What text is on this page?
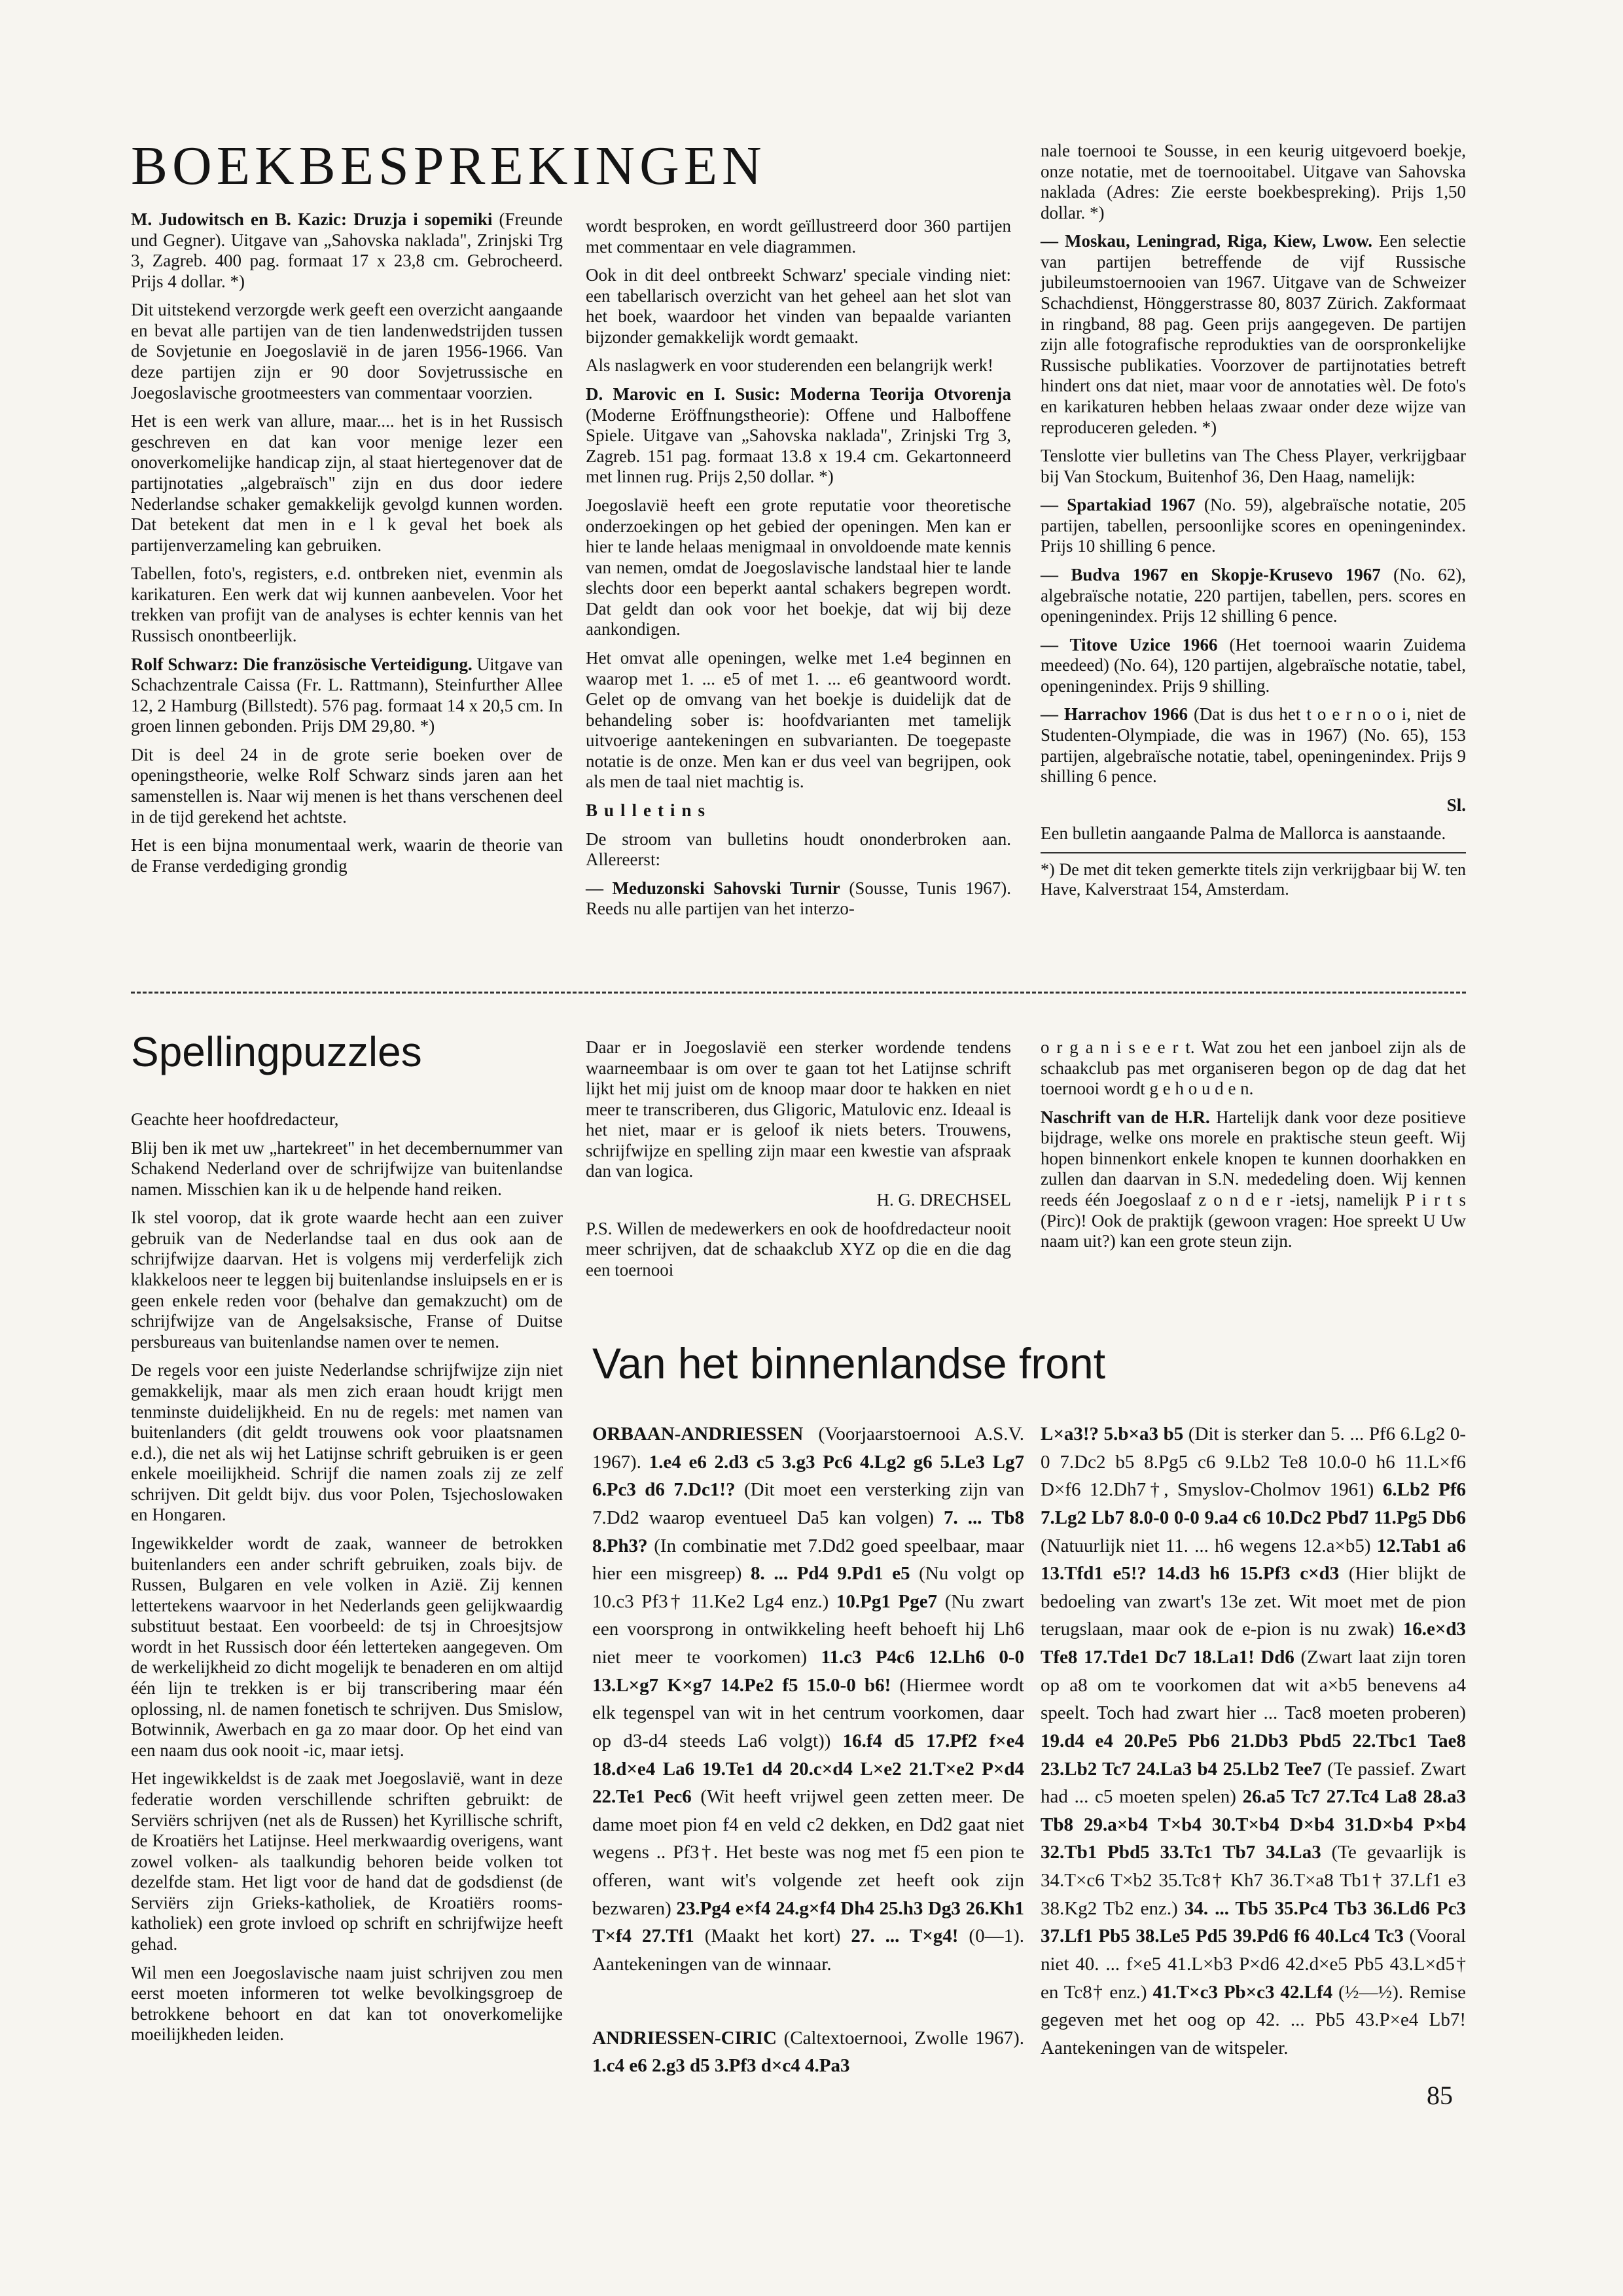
BOEKBESPREKINGEN

M. Judowitsch en B. Kazic: Druzja i sopemiki (Freunde und Gegner). Uitgave van „Sahovska naklada", Zrinjski Trg 3, Zagreb. 400 pag. formaat 17 x 23,8 cm. Gebrocheerd. Prijs 4 dollar. *)

Dit uitstekend verzorgde werk geeft een overzicht aangaande en bevat alle partijen van de tien landenwedstrijden tussen de Sovjetunie en Joegoslavië in de jaren 1956-1966. Van deze partijen zijn er 90 door Sovjetrussische en Joegoslavische grootmeesters van commentaar voorzien.

Het is een werk van allure, maar.... het is in het Russisch geschreven en dat kan voor menige lezer een onoverkomelijke handicap zijn, al staat hiertegenover dat de partijnotaties „algebraïsch" zijn en dus door iedere Nederlandse schaker gemakkelijk gevolgd kunnen worden. Dat betekent dat men in e l k geval het boek als partijenverzameling kan gebruiken.

Tabellen, foto's, registers, e.d. ontbreken niet, evenmin als karikaturen. Een werk dat wij kunnen aanbevelen. Voor het trekken van profijt van de analyses is echter kennis van het Russisch onontbeerlijk.

Rolf Schwarz: Die französische Verteidigung. Uitgave van Schachzentrale Caissa (Fr. L. Rattmann), Steinfurther Allee 12, 2 Hamburg (Billstedt). 576 pag. formaat 14 x 20,5 cm. In groen linnen gebonden. Prijs DM 29,80. *)

Dit is deel 24 in de grote serie boeken over de openingstheorie, welke Rolf Schwarz sinds jaren aan het samenstellen is. Naar wij menen is het thans verschenen deel in de tijd gerekend het achtste.

Het is een bijna monumentaal werk, waarin de theorie van de Franse verdediging grondig

wordt besproken, en wordt geïllustreerd door 360 partijen met commentaar en vele diagrammen.

Ook in dit deel ontbreekt Schwarz' speciale vinding niet: een tabellarisch overzicht van het geheel aan het slot van het boek, waardoor het vinden van bepaalde varianten bijzonder gemakkelijk wordt gemaakt.

Als naslagwerk en voor studerenden een belangrijk werk!

D. Marovic en I. Susic: Moderna Teorija Otvorenja (Moderne Eröffnungstheorie): Offene und Halboffene Spiele. Uitgave van „Sahovska naklada", Zrinjski Trg 3, Zagreb. 151 pag. formaat 13.8 x 19.4 cm. Gekartonneerd met linnen rug. Prijs 2,50 dollar. *)

Joegoslavië heeft een grote reputatie voor theoretische onderzoekingen op het gebied der openingen. Men kan er hier te lande helaas menigmaal in onvoldoende mate kennis van nemen, omdat de Joegoslavische landstaal hier te lande slechts door een beperkt aantal schakers begrepen wordt. Dat geldt dan ook voor het boekje, dat wij bij deze aankondigen.

Het omvat alle openingen, welke met 1.e4 beginnen en waarop met 1. ... e5 of met 1. ... e6 geantwoord wordt. Gelet op de omvang van het boekje is duidelijk dat de behandeling sober is: hoofdvarianten met tamelijk uitvoerige aantekeningen en subvarianten. De toegepaste notatie is de onze. Men kan er dus veel van begrijpen, ook als men de taal niet machtig is.

Bulletins

De stroom van bulletins houdt ononderbroken aan. Allereerst:

— Meduzonski Sahovski Turnir (Sousse, Tunis 1967). Reeds nu alle partijen van het interzo-

nale toernooi te Sousse, in een keurig uitgevoerd boekje, onze notatie, met de toernooitabel. Uitgave van Sahovska naklada (Adres: Zie eerste boekbespreking). Prijs 1,50 dollar. *)

— Moskau, Leningrad, Riga, Kiew, Lwow. Een selectie van partijen betreffende de vijf Russische jubileumstoernooien van 1967. Uitgave van de Schweizer Schachdienst, Hönggerstrasse 80, 8037 Zürich. Zakformaat in ringband, 88 pag. Geen prijs aangegeven. De partijen zijn alle fotografische reprodukties van de oorspronkelijke Russische publikaties. Voorzover de partijnotaties betreft hindert ons dat niet, maar voor de annotaties wèl. De foto's en karikaturen hebben helaas zwaar onder deze wijze van reproduceren geleden. *)

Tenslotte vier bulletins van The Chess Player, verkrijgbaar bij Van Stockum, Buitenhof 36, Den Haag, namelijk:

— Spartakiad 1967 (No. 59), algebraïsche notatie, 205 partijen, tabellen, persoonlijke scores en openingenindex. Prijs 10 shilling 6 pence.

— Budva 1967 en Skopje-Krusevo 1967 (No. 62), algebraïsche notatie, 220 partijen, tabellen, pers. scores en openingenindex. Prijs 12 shilling 6 pence.

— Titove Uzice 1966 (Het toernooi waarin Zuidema meedeed) (No. 64), 120 partijen, algebraïsche notatie, tabel, openingenindex. Prijs 9 shilling.

— Harrachov 1966 (Dat is dus het t o e r n o o i, niet de Studenten-Olympiade, die was in 1967) (No. 65), 153 partijen, algebraïsche notatie, tabel, openingenindex. Prijs 9 shilling 6 pence.

Sl.

Een bulletin aangaande Palma de Mallorca is aanstaande.

*) De met dit teken gemerkte titels zijn verkrijgbaar bij W. ten Have, Kalverstraat 154, Amsterdam.

Spellingpuzzles

Geachte heer hoofdredacteur,

Blij ben ik met uw „hartekreet" in het decembernummer van Schakend Nederland over de schrijfwijze van buitenlandse namen. Misschien kan ik u de helpende hand reiken.

Ik stel voorop, dat ik grote waarde hecht aan een zuiver gebruik van de Nederlandse taal en dus ook aan de schrijfwijze daarvan. Het is volgens mij verderfelijk zich klakkeloos neer te leggen bij buitenlandse insluipsels en er is geen enkele reden voor (behalve dan gemakzucht) om de schrijfwijze van de Angelsaksische, Franse of Duitse persbureaus van buitenlandse namen over te nemen.

De regels voor een juiste Nederlandse schrijfwijze zijn niet gemakkelijk, maar als men zich eraan houdt krijgt men tenminste duidelijkheid. En nu de regels: met namen van buitenlanders (dit geldt trouwens ook voor plaatsnamen e.d.), die net als wij het Latijnse schrift gebruiken is er geen enkele moeilijkheid. Schrijf die namen zoals zij ze zelf schrijven. Dit geldt bijv. dus voor Polen, Tsjechoslowaken en Hongaren.

Ingewikkelder wordt de zaak, wanneer de betrokken buitenlanders een ander schrift gebruiken, zoals bijv. de Russen, Bulgaren en vele volken in Azië. Zij kennen lettertekens waarvoor in het Nederlands geen gelijkwaardig substituut bestaat. Een voorbeeld: de tsj in Chroesjtsjow wordt in het Russisch door één letterteken aangegeven. Om de werkelijkheid zo dicht mogelijk te benaderen en om altijd één lijn te trekken is er bij transcribering maar één oplossing, nl. de namen fonetisch te schrijven. Dus Smislow, Botwinnik, Awerbach en ga zo maar door. Op het eind van een naam dus ook nooit -ic, maar ietsj.

Het ingewikkeldst is de zaak met Joegoslavië, want in deze federatie worden verschillende schriften gebruikt: de Serviërs schrijven (net als de Russen) het Kyrillische schrift, de Kroatiërs het Latijnse. Heel merkwaardig overigens, want zowel volken- als taalkundig behoren beide volken tot dezelfde stam. Het ligt voor de hand dat de godsdienst (de Serviërs zijn Grieks-katholiek, de Kroatiërs rooms-katholiek) een grote invloed op schrift en schrijfwijze heeft gehad.

Wil men een Joegoslavische naam juist schrijven zou men eerst moeten informeren tot welke bevolkingsgroep de betrokkene behoort en dat kan tot onoverkomelijke moeilijkheden leiden.

Daar er in Joegoslavië een sterker wordende tendens waarneembaar is om over te gaan tot het Latijnse schrift lijkt het mij juist om de knoop maar door te hakken en niet meer te transcriberen, dus Gligoric, Matulovic enz. Ideaal is het niet, maar er is geloof ik niets beters. Trouwens, schrijfwijze en spelling zijn maar een kwestie van afspraak dan van logica.

H. G. DRECHSEL

P.S. Willen de medewerkers en ook de hoofdredacteur nooit meer schrijven, dat de schaakclub XYZ op die en die dag een toernooi

o r g a n i s e e r t. Wat zou het een janboel zijn als de schaakclub pas met organiseren begon op de dag dat het toernooi wordt g e h o u d e n.

Naschrift van de H.R. Hartelijk dank voor deze positieve bijdrage, welke ons morele en praktische steun geeft. Wij hopen binnenkort enkele knopen te kunnen doorhakken en zullen dan daarvan in S.N. mededeling doen. Wij kennen reeds één Joegoslaaf z o n d e r -ietsj, namelijk P i r t s (Pirc)! Ook de praktijk (gewoon vragen: Hoe spreekt U Uw naam uit?) kan een grote steun zijn.

Van het binnenlandse front

ORBAAN-ANDRIESSEN (Voorjaarstoernooi A.S.V. 1967). 1.e4 e6 2.d3 c5 3.g3 Pc6 4.Lg2 g6 5.Le3 Lg7 6.Pc3 d6 7.Dc1!? (Dit moet een versterking zijn van 7.Dd2 waarop eventueel Da5 kan volgen) 7. ... Tb8 8.Ph3? (In combinatie met 7.Dd2 goed speelbaar, maar hier een misgreep) 8. ... Pd4 9.Pd1 e5 (Nu volgt op 10.c3 Pf3† 11.Ke2 Lg4 enz.) 10.Pg1 Pge7 (Nu zwart een voorsprong in ontwikkeling heeft behoeft hij Lh6 niet meer te voorkomen) 11.c3 P4c6 12.Lh6 0-0 13.L×g7 K×g7 14.Pe2 f5 15.0-0 b6! (Hiermee wordt elk tegenspel van wit in het centrum voorkomen, daar op d3-d4 steeds La6 volgt)) 16.f4 d5 17.Pf2 f×e4 18.d×e4 La6 19.Te1 d4 20.c×d4 L×e2 21.T×e2 P×d4 22.Te1 Pec6 (Wit heeft vrijwel geen zetten meer. De dame moet pion f4 en veld c2 dekken, en Dd2 gaat niet wegens .. Pf3†. Het beste was nog met f5 een pion te offeren, want wit's volgende zet heeft ook zijn bezwaren) 23.Pg4 e×f4 24.g×f4 Dh4 25.h3 Dg3 26.Kh1 T×f4 27.Tf1 (Maakt het kort) 27. ... T×g4! (0—1). Aantekeningen van de winnaar.

ANDRIESSEN-CIRIC (Caltextoernooi, Zwolle 1967). 1.c4 e6 2.g3 d5 3.Pf3 d×c4 4.Pa3

L×a3!? 5.b×a3 b5 (Dit is sterker dan 5. ... Pf6 6.Lg2 0-0 7.Dc2 b5 8.Pg5 c6 9.Lb2 Te8 10.0-0 h6 11.L×f6 D×f6 12.Dh7†, Smyslov-Cholmov 1961) 6.Lb2 Pf6 7.Lg2 Lb7 8.0-0 0-0 9.a4 c6 10.Dc2 Pbd7 11.Pg5 Db6 (Natuurlijk niet 11. ... h6 wegens 12.a×b5) 12.Tab1 a6 13.Tfd1 e5!? 14.d3 h6 15.Pf3 c×d3 (Hier blijkt de bedoeling van zwart's 13e zet. Wit moet met de pion terugslaan, maar ook de e-pion is nu zwak) 16.e×d3 Tfe8 17.Tde1 Dc7 18.La1! Dd6 (Zwart laat zijn toren op a8 om te voorkomen dat wit a×b5 benevens a4 speelt. Toch had zwart hier ... Tac8 moeten proberen) 19.d4 e4 20.Pe5 Pb6 21.Db3 Pbd5 22.Tbc1 Tae8 23.Lb2 Tc7 24.La3 b4 25.Lb2 Tee7 (Te passief. Zwart had ... c5 moeten spelen) 26.a5 Tc7 27.Tc4 La8 28.a3 Tb8 29.a×b4 T×b4 30.T×b4 D×b4 31.D×b4 P×b4 32.Tb1 Pbd5 33.Tc1 Tb7 34.La3 (Te gevaarlijk is 34.T×c6 T×b2 35.Tc8† Kh7 36.T×a8 Tb1† 37.Lf1 e3 38.Kg2 Tb2 enz.) 34. ... Tb5 35.Pc4 Tb3 36.Ld6 Pc3 37.Lf1 Pb5 38.Le5 Pd5 39.Pd6 f6 40.Lc4 Tc3 (Vooral niet 40. ... f×e5 41.L×b3 P×d6 42.d×e5 Pb5 43.L×d5† en Tc8† enz.) 41.T×c3 Pb×c3 42.Lf4 (½—½). Remise gegeven met het oog op 42. ... Pb5 43.P×e4 Lb7! Aantekeningen van de witspeler.

85
